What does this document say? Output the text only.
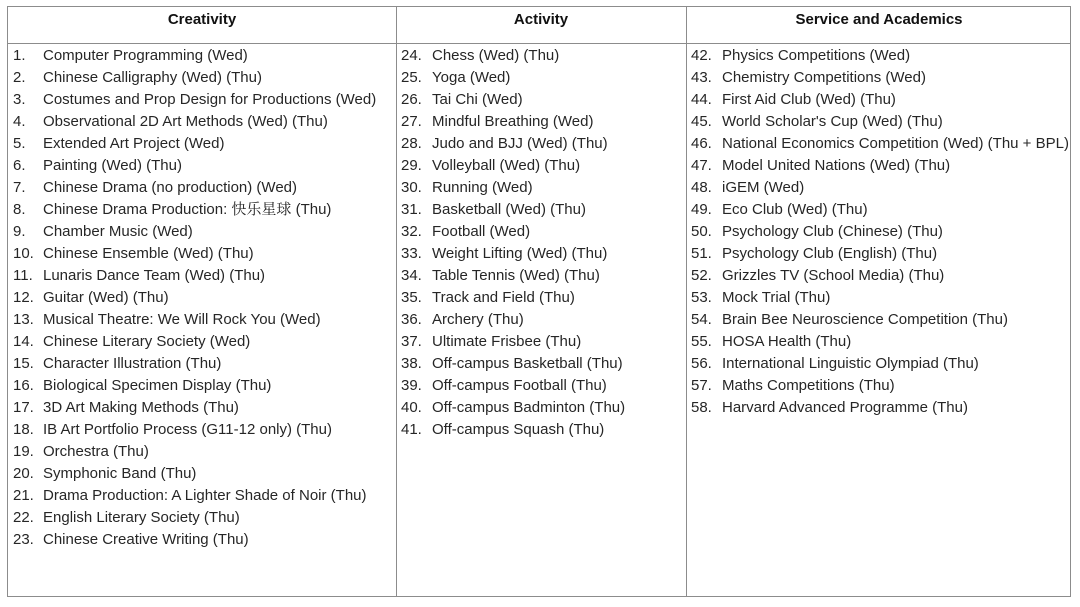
Creativity	Activity	Service and Academics
1. Computer Programming (Wed)
2. Chinese Calligraphy (Wed) (Thu)
3. Costumes and Prop Design for Productions (Wed)
4. Observational 2D Art Methods (Wed) (Thu)
5. Extended Art Project (Wed)
6. Painting (Wed) (Thu)
7. Chinese Drama (no production) (Wed)
8. Chinese Drama Production: 快乐星球 (Thu)
9. Chamber Music (Wed)
10. Chinese Ensemble (Wed) (Thu)
11. Lunaris Dance Team (Wed) (Thu)
12. Guitar (Wed) (Thu)
13. Musical Theatre: We Will Rock You (Wed)
14. Chinese Literary Society (Wed)
15. Character Illustration (Thu)
16. Biological Specimen Display (Thu)
17. 3D Art Making Methods (Thu)
18. IB Art Portfolio Process (G11-12 only) (Thu)
19. Orchestra (Thu)
20. Symphonic Band (Thu)
21. Drama Production: A Lighter Shade of Noir (Thu)
22. English Literary Society (Thu)
23. Chinese Creative Writing (Thu)
24. Chess (Wed) (Thu)
25. Yoga (Wed)
26. Tai Chi (Wed)
27. Mindful Breathing (Wed)
28. Judo and BJJ (Wed) (Thu)
29. Volleyball (Wed) (Thu)
30. Running (Wed)
31. Basketball (Wed) (Thu)
32. Football (Wed)
33. Weight Lifting (Wed) (Thu)
34. Table Tennis (Wed) (Thu)
35. Track and Field (Thu)
36. Archery (Thu)
37. Ultimate Frisbee (Thu)
38. Off-campus Basketball (Thu)
39. Off-campus Football (Thu)
40. Off-campus Badminton (Thu)
41. Off-campus Squash (Thu)
42. Physics Competitions (Wed)
43. Chemistry Competitions (Wed)
44. First Aid Club (Wed) (Thu)
45. World Scholar's Cup (Wed) (Thu)
46. National Economics Competition (Wed) (Thu + BPL)
47. Model United Nations (Wed) (Thu)
48. iGEM (Wed)
49. Eco Club (Wed) (Thu)
50. Psychology Club (Chinese) (Thu)
51. Psychology Club (English) (Thu)
52. Grizzles TV (School Media) (Thu)
53. Mock Trial (Thu)
54. Brain Bee Neuroscience Competition (Thu)
55. HOSA Health (Thu)
56. International Linguistic Olympiad (Thu)
57. Maths Competitions (Thu)
58. Harvard Advanced Programme (Thu)
